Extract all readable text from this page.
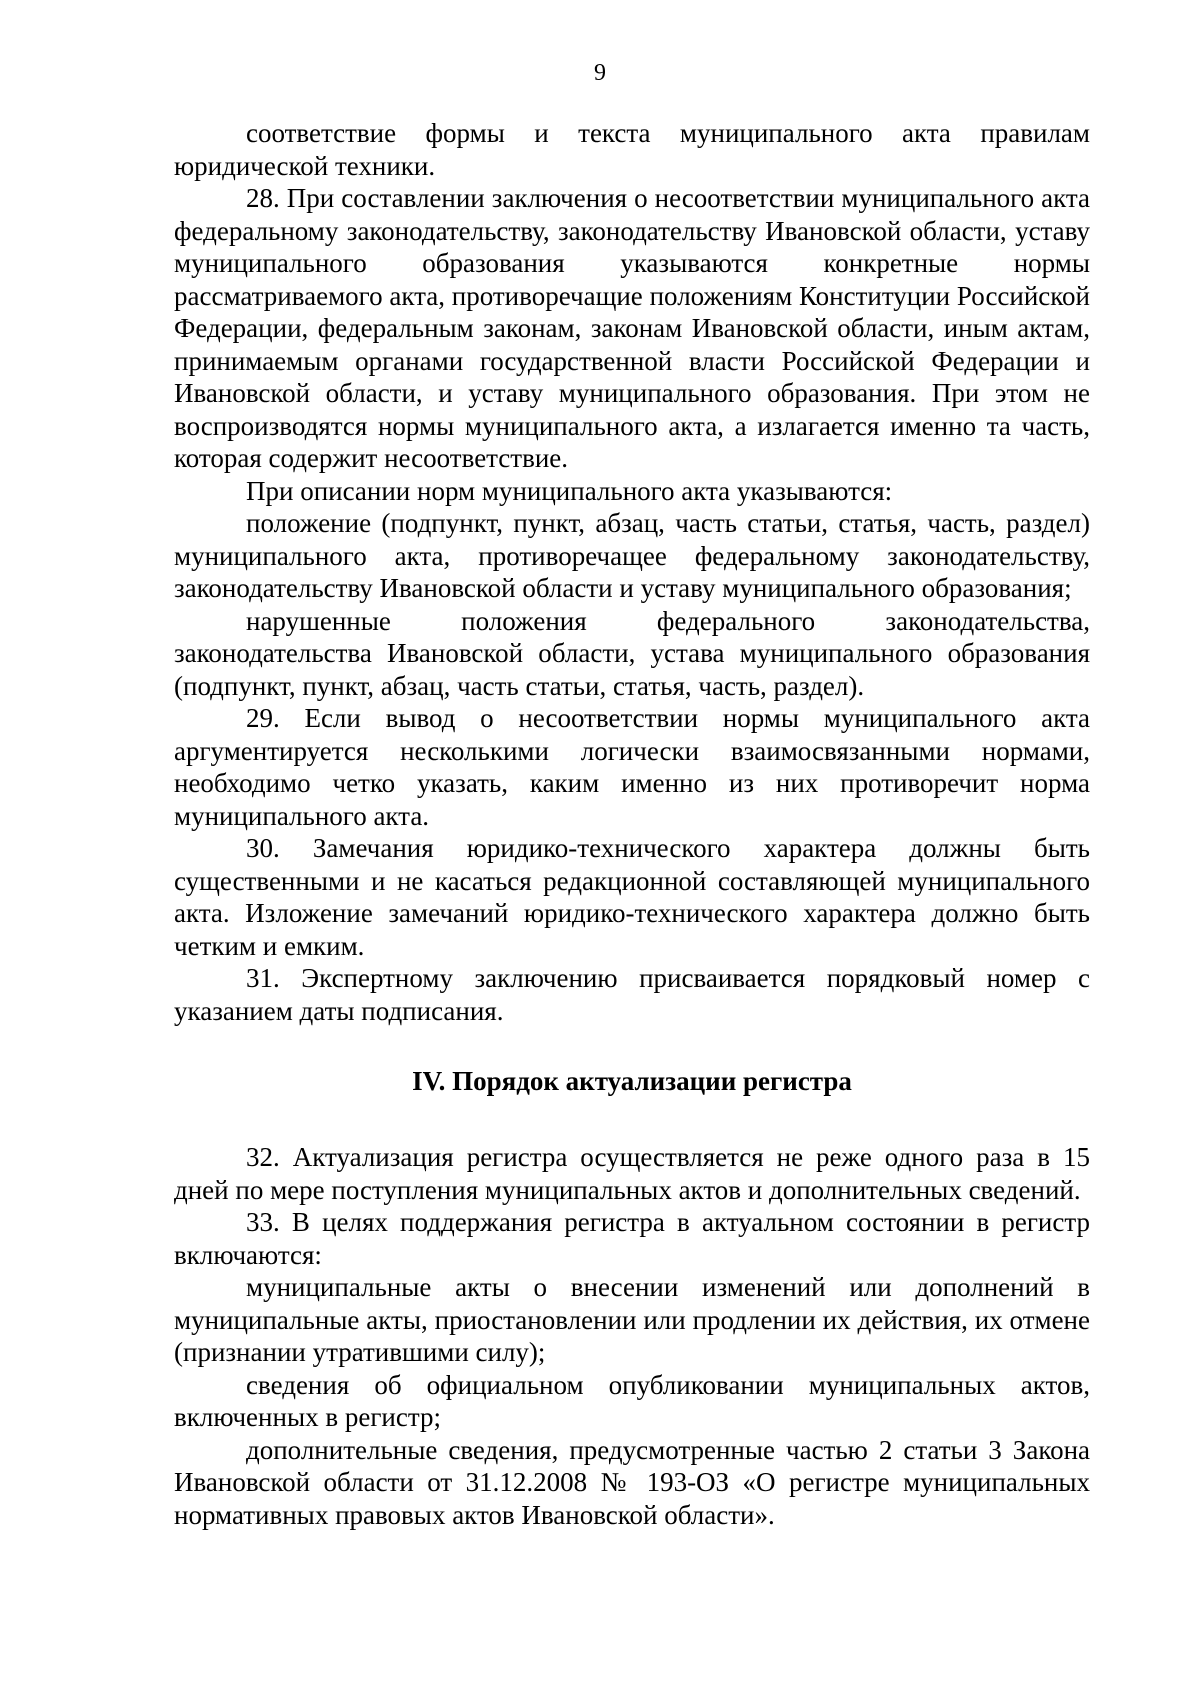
9

соответствие формы и текста муниципального акта правилам юридической техники.

28. При составлении заключения о несоответствии муниципального акта федеральному законодательству, законодательству Ивановской области, уставу муниципального образования указываются конкретные нормы рассматриваемого акта, противоречащие положениям Конституции Российской Федерации, федеральным законам, законам Ивановской области, иным актам, принимаемым органами государственной власти Российской Федерации и Ивановской области, и уставу муниципального образования. При этом не воспроизводятся нормы муниципального акта, а излагается именно та часть, которая содержит несоответствие.

При описании норм муниципального акта указываются:

положение (подпункт, пункт, абзац, часть статьи, статья, часть, раздел) муниципального акта, противоречащее федеральному законодательству, законодательству Ивановской области и уставу муниципального образования;

нарушенные положения федерального законодательства, законодательства Ивановской области, устава муниципального образования (подпункт, пункт, абзац, часть статьи, статья, часть, раздел).

29. Если вывод о несоответствии нормы муниципального акта аргументируется несколькими логически взаимосвязанными нормами, необходимо четко указать, каким именно из них противоречит норма муниципального акта.

30. Замечания юридико-технического характера должны быть существенными и не касаться редакционной составляющей муниципального акта. Изложение замечаний юридико-технического характера должно быть четким и емким.

31. Экспертному заключению присваивается порядковый номер с указанием даты подписания.

IV. Порядок актуализации регистра

32. Актуализация регистра осуществляется не реже одного раза в 15 дней по мере поступления муниципальных актов и дополнительных сведений.

33. В целях поддержания регистра в актуальном состоянии в регистр включаются:

муниципальные акты о внесении изменений или дополнений в муниципальные акты, приостановлении или продлении их действия, их отмене (признании утратившими силу);

сведения об официальном опубликовании муниципальных актов, включенных в регистр;

дополнительные сведения, предусмотренные частью 2 статьи 3 Закона Ивановской области от 31.12.2008 № 193-ОЗ «О регистре муниципальных нормативных правовых актов Ивановской области».
